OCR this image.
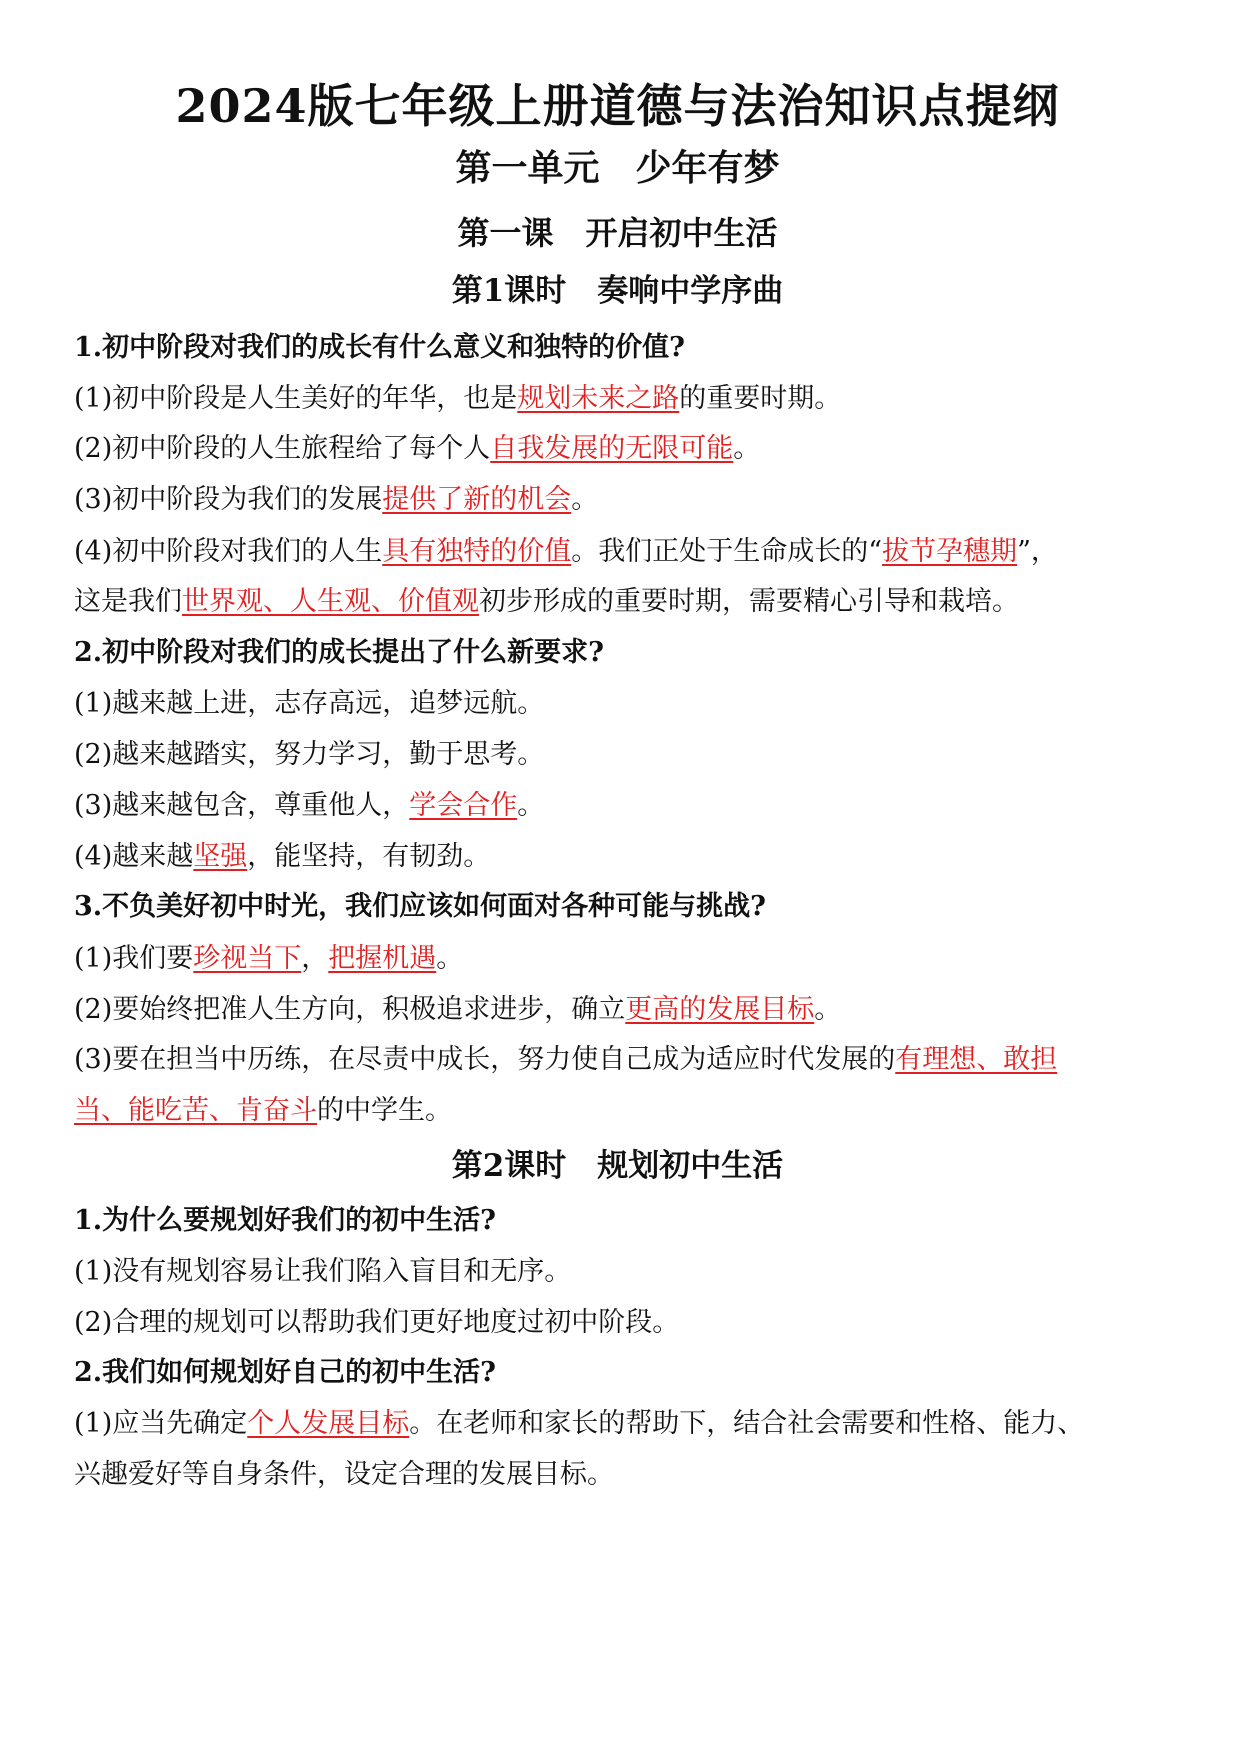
2024版七年级上册道德与法治知识点提纲
第一单元　少年有梦
第一课　开启初中生活
第1课时　奏响中学序曲
1.初中阶段对我们的成长有什么意义和独特的价值?
(1)初中阶段是人生美好的年华，也是规划未来之路的重要时期。
(2)初中阶段的人生旅程给了每个人自我发展的无限可能。
(3)初中阶段为我们的发展提供了新的机会。
(4)初中阶段对我们的人生具有独特的价值。我们正处于生命成长的“拔节孕穗期”，
这是我们世界观、人生观、价值观初步形成的重要时期，需要精心引导和栽培。
2.初中阶段对我们的成长提出了什么新要求?
(1)越来越上进，志存高远，追梦远航。
(2)越来越踏实，努力学习，勤于思考。
(3)越来越包含，尊重他人，学会合作。
(4)越来越坚强，能坚持，有韧劲。
3.不负美好初中时光，我们应该如何面对各种可能与挑战?
(1)我们要珍视当下，把握机遇。
(2)要始终把准人生方向，积极追求进步，确立更高的发展目标。
(3)要在担当中历练，在尽责中成长，努力使自己成为适应时代发展的有理想、敢担
当、能吃苦、肯奋斗的中学生。
第2课时　规划初中生活
1.为什么要规划好我们的初中生活?
(1)没有规划容易让我们陷入盲目和无序。
(2)合理的规划可以帮助我们更好地度过初中阶段。
2.我们如何规划好自己的初中生活?
(1)应当先确定个人发展目标。在老师和家长的帮助下，结合社会需要和性格、能力、
兴趣爱好等自身条件，设定合理的发展目标。
